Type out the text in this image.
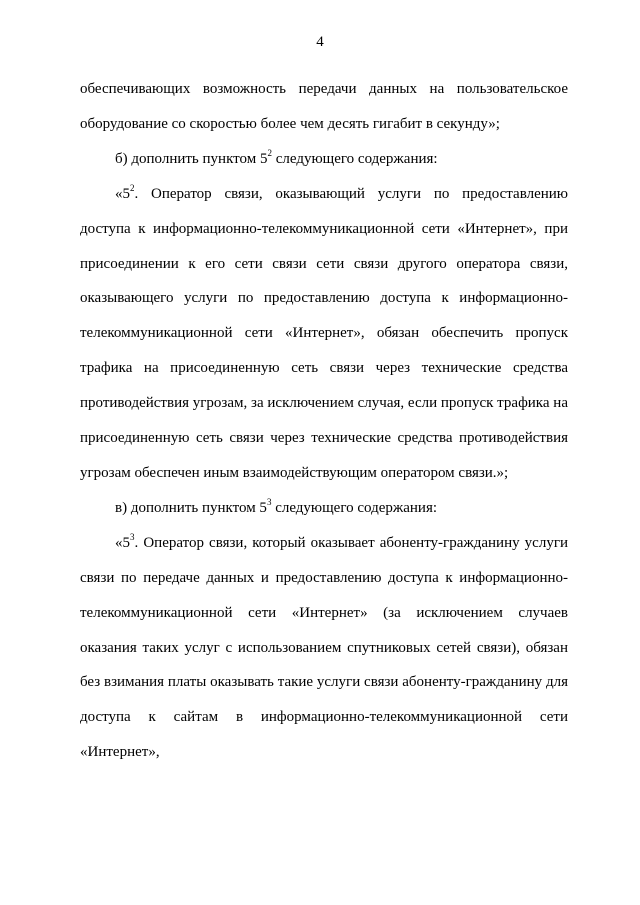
4

обеспечивающих возможность передачи данных на пользовательское оборудование со скоростью более чем десять гигабит в секунду»;

б) дополнить пунктом $5^2$ следующего содержания:

«$5^2$. Оператор связи, оказывающий услуги по предоставлению доступа к информационно-телекоммуникационной сети «Интернет», при присоединении к его сети связи сети связи другого оператора связи, оказывающего услуги по предоставлению доступа к информационно-телекоммуникационной сети «Интернет», обязан обеспечить пропуск трафика на присоединенную сеть связи через технические средства противодействия угрозам, за исключением случая, если пропуск трафика на присоединенную сеть связи через технические средства противодействия угрозам обеспечен иным взаимодействующим оператором связи.»;

в) дополнить пунктом $5^3$ следующего содержания:

«$5^3$. Оператор связи, который оказывает абоненту-гражданину услуги связи по передаче данных и предоставлению доступа к информационно-телекоммуникационной сети «Интернет» (за исключением случаев оказания таких услуг с использованием спутниковых сетей связи), обязан без взимания платы оказывать такие услуги связи абоненту-гражданину для доступа к сайтам в информационно-телекоммуникационной сети «Интернет»,
